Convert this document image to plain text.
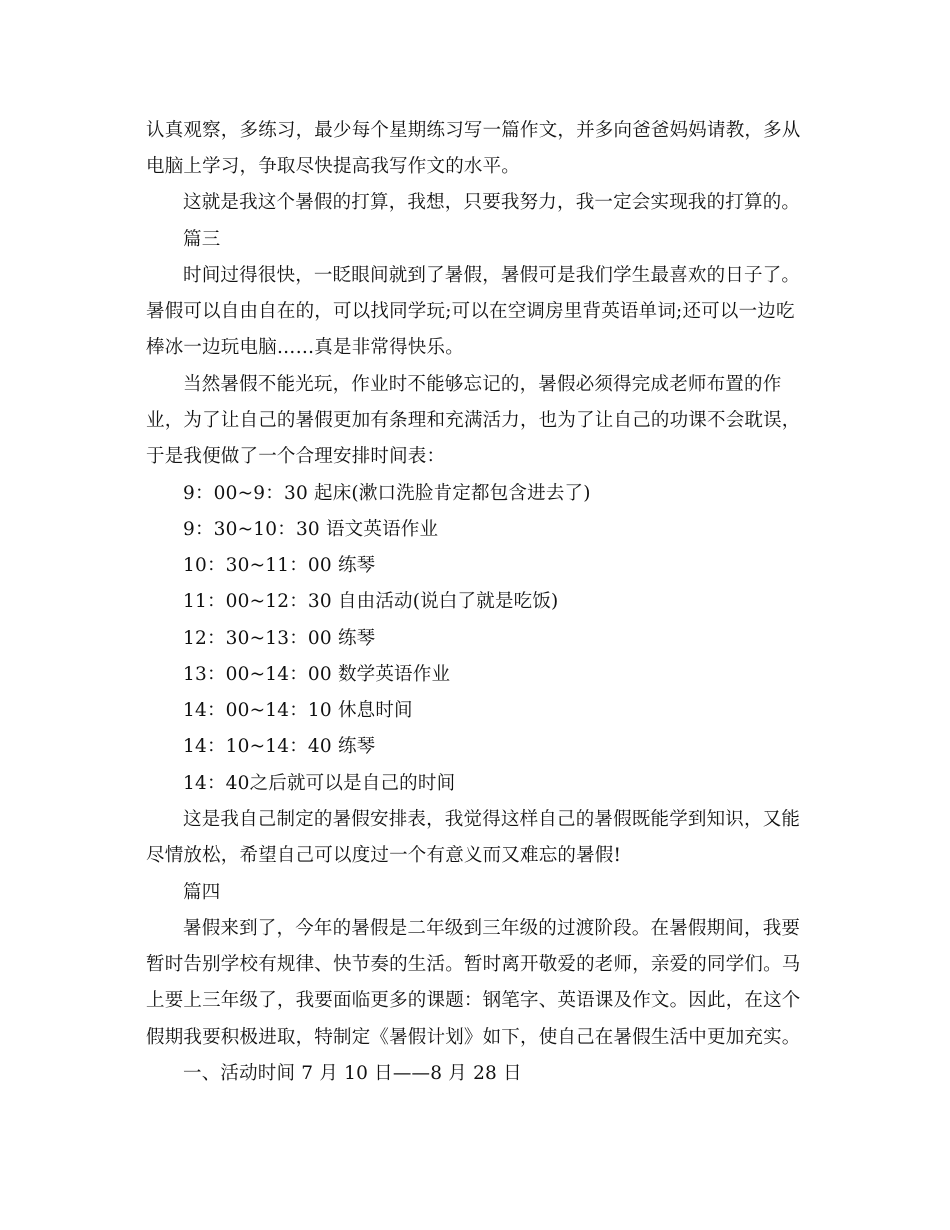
认真观察，多练习，最少每个星期练习写一篇作文，并多向爸爸妈妈请教，多从
电脑上学习，争取尽快提高我写作文的水平。
这就是我这个暑假的打算，我想，只要我努力，我一定会实现我的打算的。
篇三
时间过得很快，一眨眼间就到了暑假，暑假可是我们学生最喜欢的日子了。
暑假可以自由自在的，可以找同学玩;可以在空调房里背英语单词;还可以一边吃
棒冰一边玩电脑……真是非常得快乐。
当然暑假不能光玩，作业时不能够忘记的，暑假必须得完成老师布置的作
业，为了让自己的暑假更加有条理和充满活力，也为了让自己的功课不会耽误，
于是我便做了一个合理安排时间表：
9：00~9：30 起床(漱口洗脸肯定都包含进去了)
9：30~10：30 语文英语作业
10：30~11：00 练琴
11：00~12：30 自由活动(说白了就是吃饭)
12：30~13：00 练琴
13：00~14：00 数学英语作业
14：00~14：10 休息时间
14：10~14：40 练琴
14：40之后就可以是自己的时间
这是我自己制定的暑假安排表，我觉得这样自己的暑假既能学到知识，又能
尽情放松，希望自己可以度过一个有意义而又难忘的暑假!
篇四
暑假来到了，今年的暑假是二年级到三年级的过渡阶段。在暑假期间，我要
暂时告别学校有规律、快节奏的生活。暂时离开敬爱的老师，亲爱的同学们。马
上要上三年级了，我要面临更多的课题：钢笔字、英语课及作文。因此，在这个
假期我要积极进取，特制定《暑假计划》如下，使自己在暑假生活中更加充实。
一、活动时间 7 月 10 日——8 月 28 日
